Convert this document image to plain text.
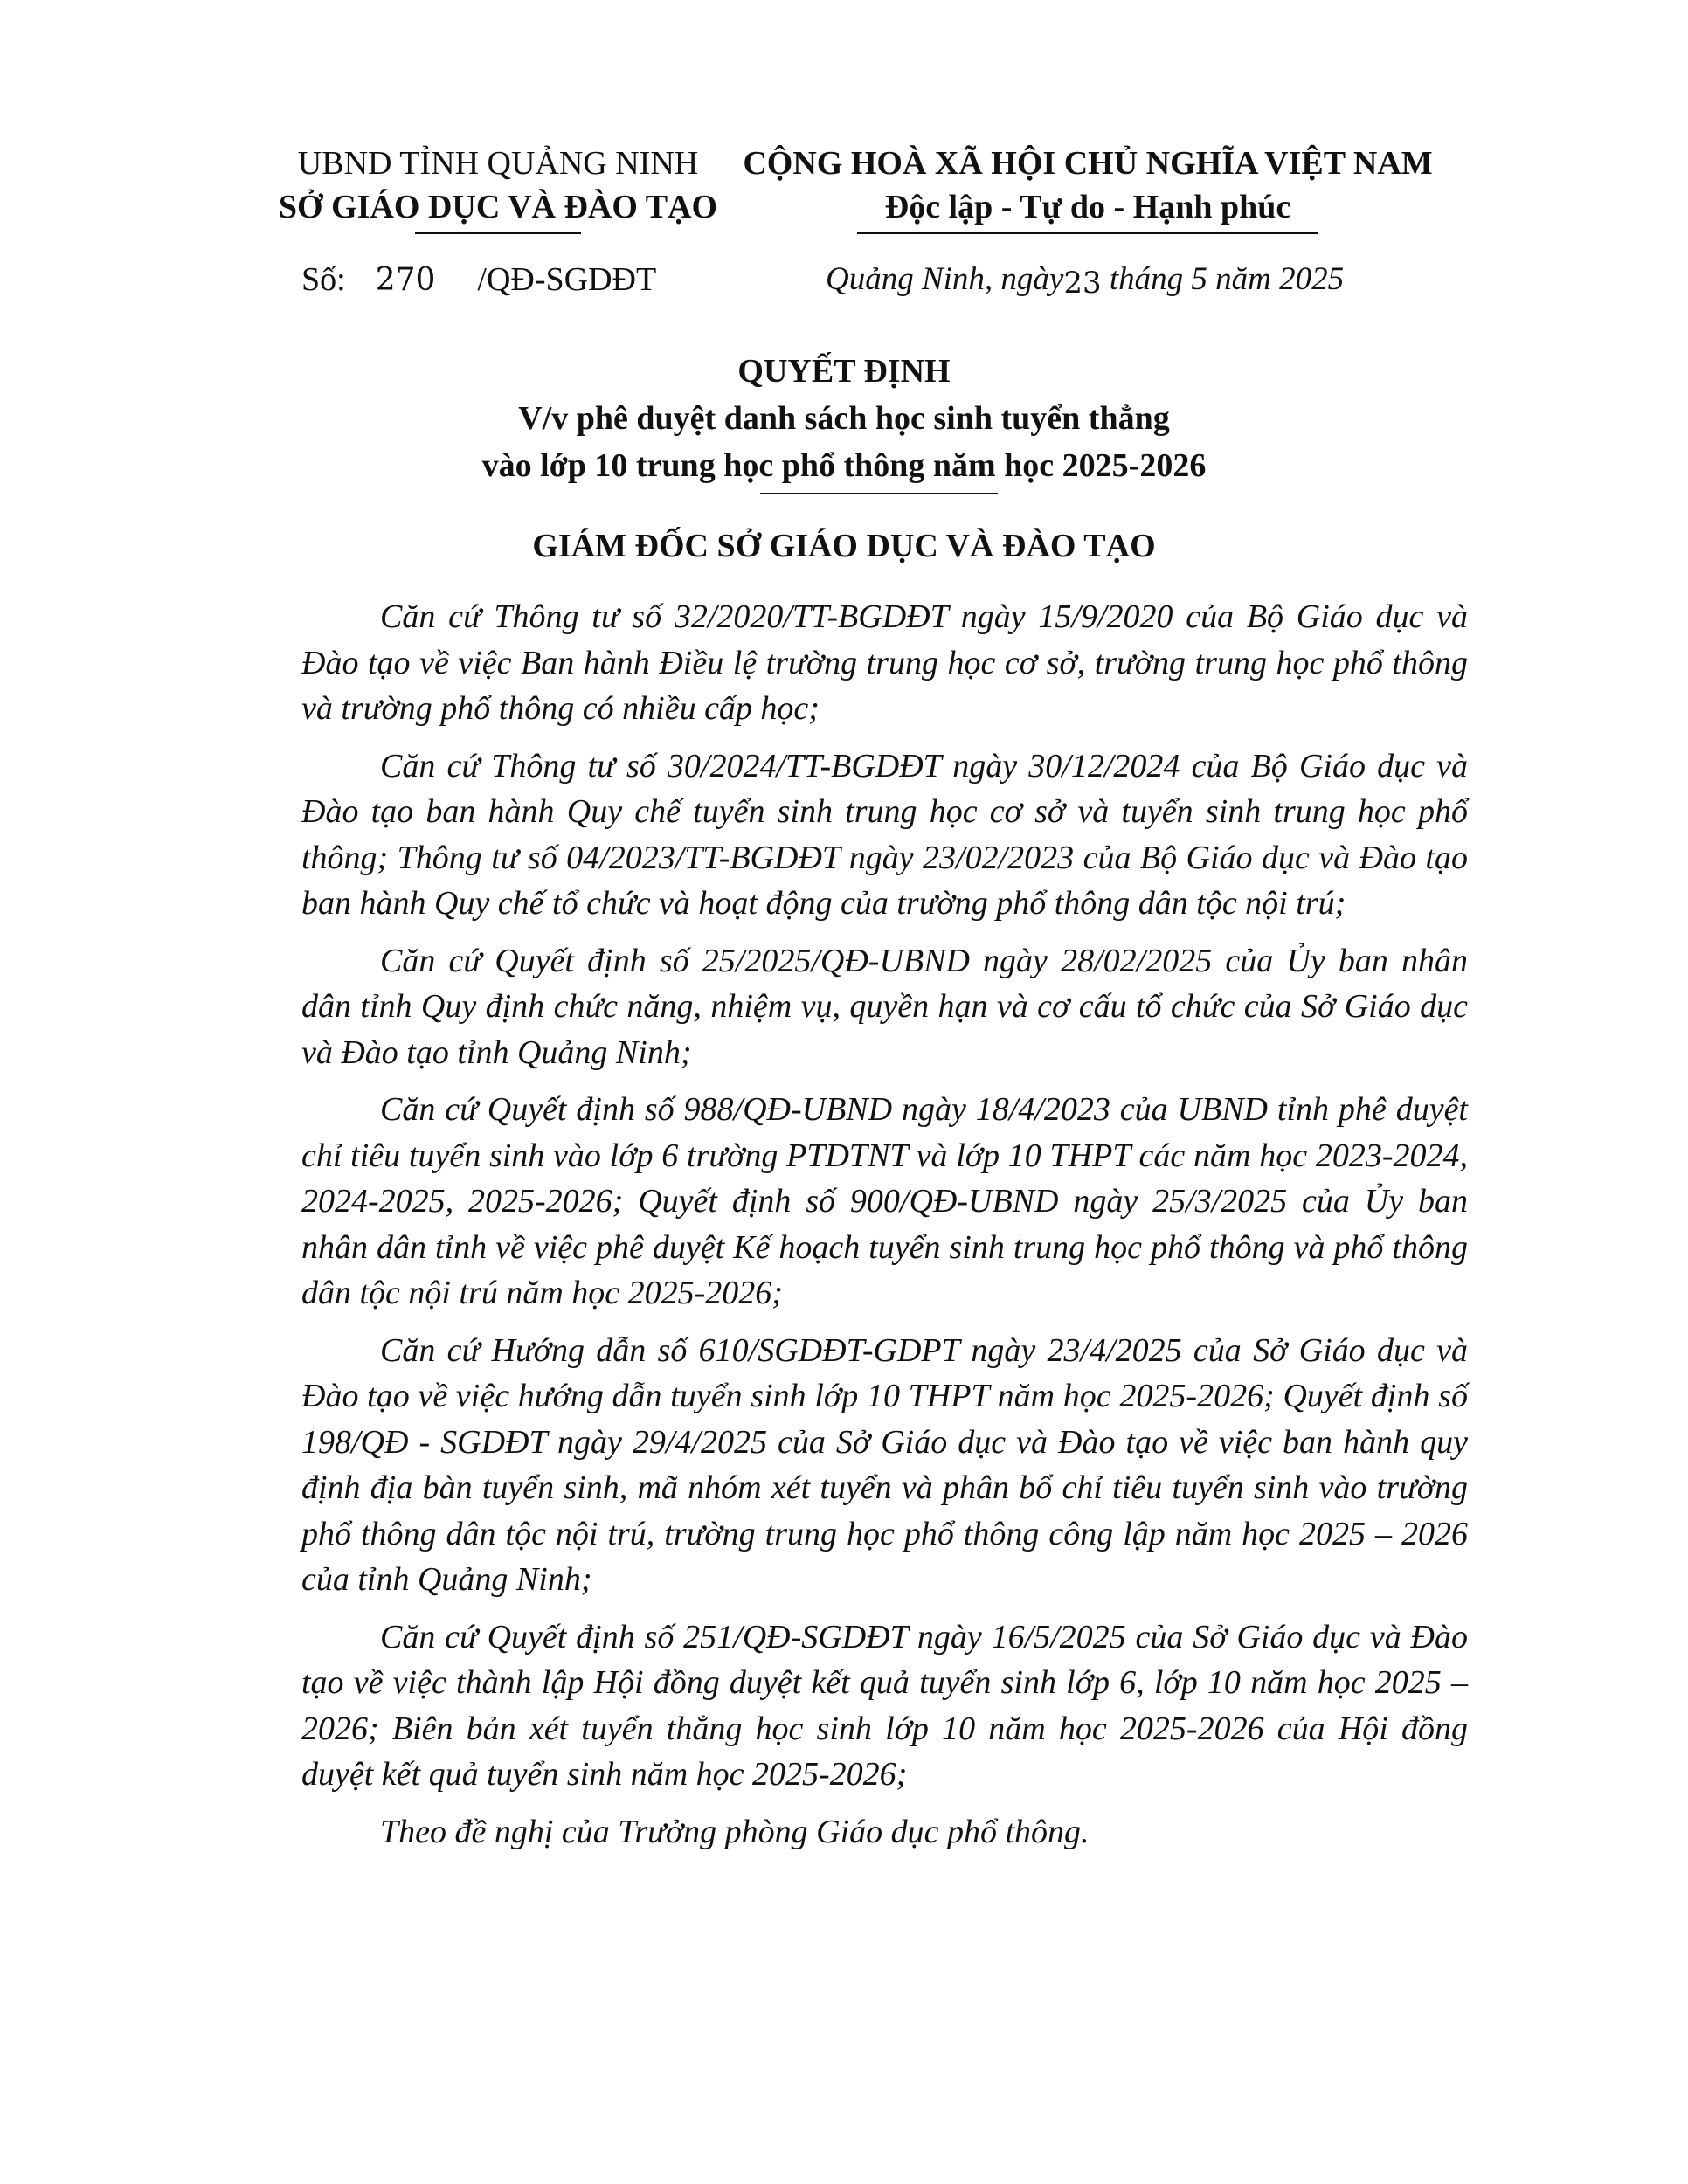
UBND TỈNH QUẢNG NINH
SỞ GIÁO DỤC VÀ ĐÀO TẠO
CỘNG HOÀ XÃ HỘI CHỦ NGHĨA VIỆT NAM
Độc lập - Tự do - Hạnh phúc
Số: 270 /QĐ-SGDĐT	Quảng Ninh, ngày23 tháng 5 năm 2025
QUYẾT ĐỊNH
V/v phê duyệt danh sách học sinh tuyển thẳng
vào lớp 10 trung học phổ thông năm học 2025-2026
GIÁM ĐỐC SỞ GIÁO DỤC VÀ ĐÀO TẠO

Căn cứ Thông tư số 32/2020/TT-BGDĐT ngày 15/9/2020 của Bộ Giáo dục và Đào tạo về việc Ban hành Điều lệ trường trung học cơ sở, trường trung học phổ thông và trường phổ thông có nhiều cấp học;

Căn cứ Thông tư số 30/2024/TT-BGDĐT ngày 30/12/2024 của Bộ Giáo dục và Đào tạo ban hành Quy chế tuyển sinh trung học cơ sở và tuyển sinh trung học phổ thông; Thông tư số 04/2023/TT-BGDĐT ngày 23/02/2023 của Bộ Giáo dục và Đào tạo ban hành Quy chế tổ chức và hoạt động của trường phổ thông dân tộc nội trú;

Căn cứ Quyết định số 25/2025/QĐ-UBND ngày 28/02/2025 của Ủy ban nhân dân tỉnh Quy định chức năng, nhiệm vụ, quyền hạn và cơ cấu tổ chức của Sở Giáo dục và Đào tạo tỉnh Quảng Ninh;

Căn cứ Quyết định số 988/QĐ-UBND ngày 18/4/2023 của UBND tỉnh phê duyệt chỉ tiêu tuyển sinh vào lớp 6 trường PTDTNT và lớp 10 THPT các năm học 2023-2024, 2024-2025, 2025-2026; Quyết định số 900/QĐ-UBND ngày 25/3/2025 của Ủy ban nhân dân tỉnh về việc phê duyệt Kế hoạch tuyển sinh trung học phổ thông và phổ thông dân tộc nội trú năm học 2025-2026;

Căn cứ Hướng dẫn số 610/SGDĐT-GDPT ngày 23/4/2025 của Sở Giáo dục và Đào tạo về việc hướng dẫn tuyển sinh lớp 10 THPT năm học 2025-2026; Quyết định số 198/QĐ - SGDĐT ngày 29/4/2025 của Sở Giáo dục và Đào tạo về việc ban hành quy định địa bàn tuyển sinh, mã nhóm xét tuyển và phân bổ chỉ tiêu tuyển sinh vào trường phổ thông dân tộc nội trú, trường trung học phổ thông công lập năm học 2025 – 2026 của tỉnh Quảng Ninh;

Căn cứ Quyết định số 251/QĐ-SGDĐT ngày 16/5/2025 của Sở Giáo dục và Đào tạo về việc thành lập Hội đồng duyệt kết quả tuyển sinh lớp 6, lớp 10 năm học 2025 – 2026; Biên bản xét tuyển thẳng học sinh lớp 10 năm học 2025-2026 của Hội đồng duyệt kết quả tuyển sinh năm học 2025-2026;

Theo đề nghị của Trưởng phòng Giáo dục phổ thông.
